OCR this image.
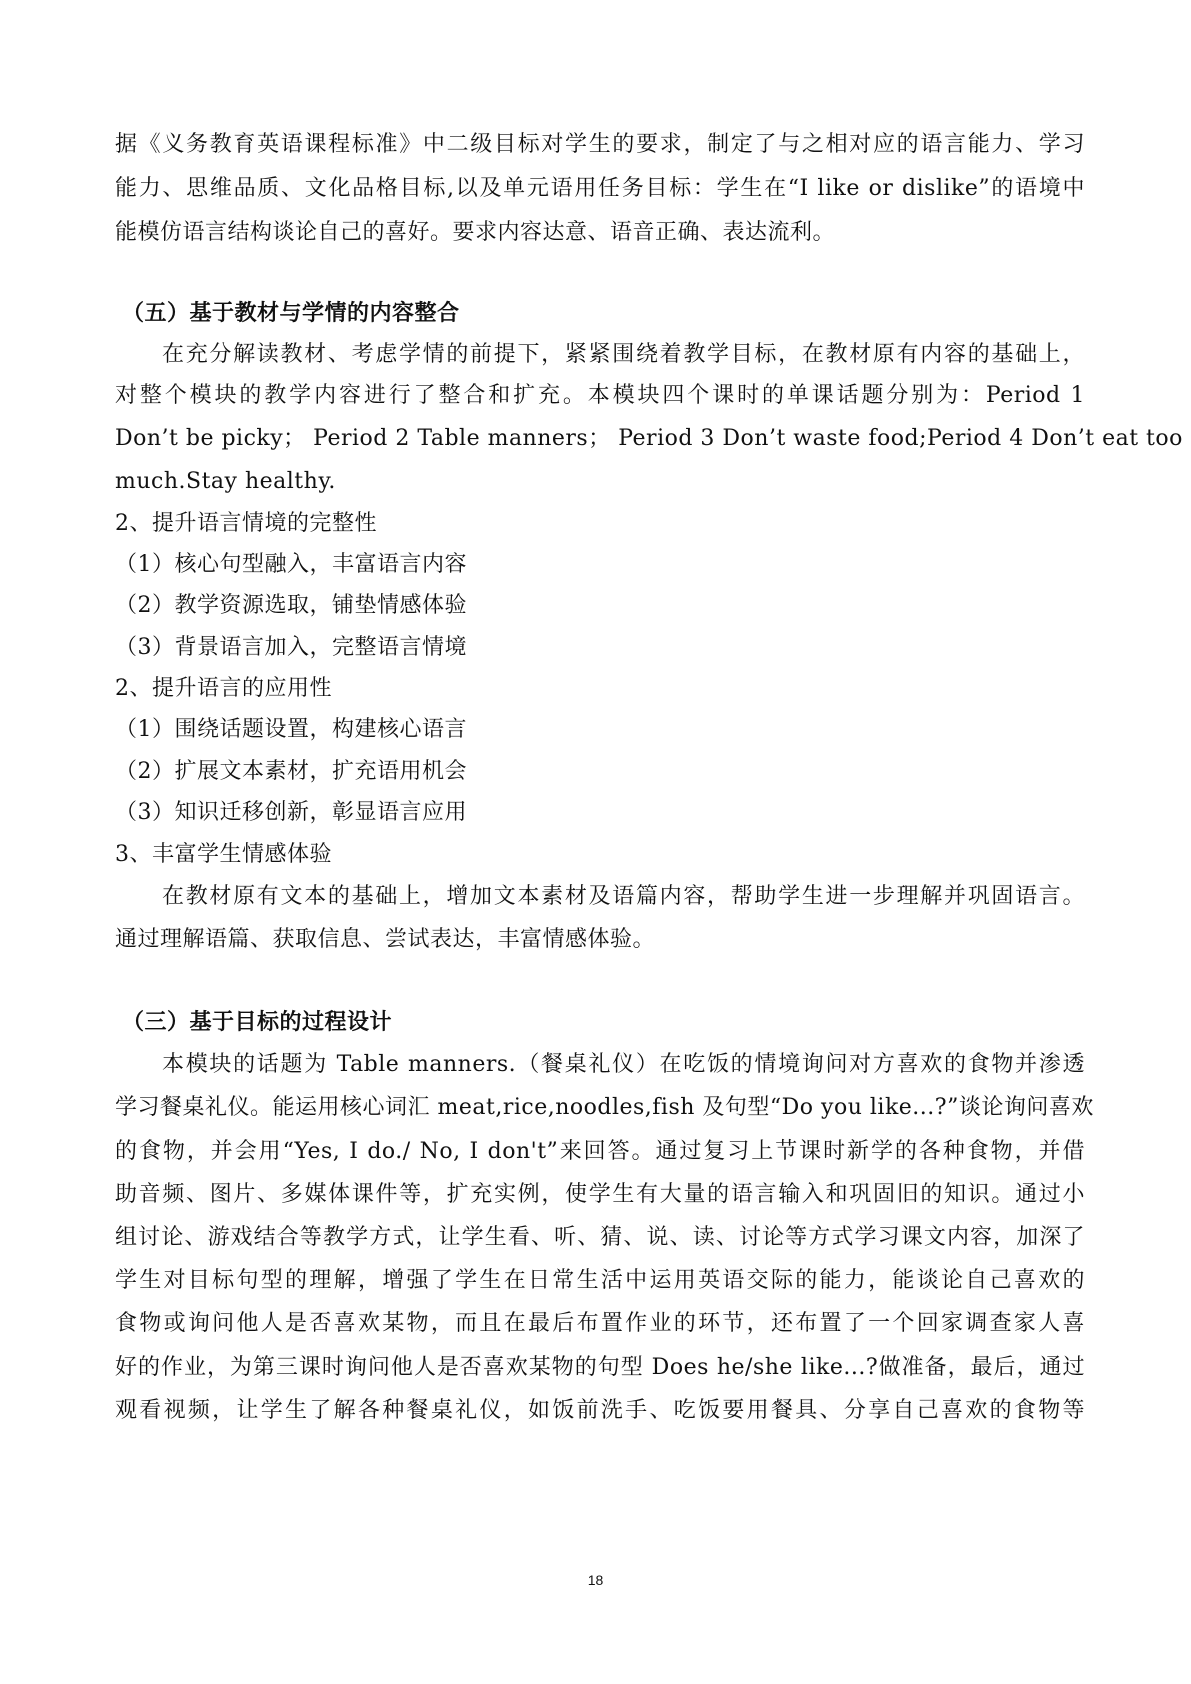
据《义务教育英语课程标准》中二级目标对学生的要求，制定了与之相对应的语言能力、学习
能力、思维品质、文化品格目标,以及单元语用任务目标：学生在“I like or dislike”的语境中
能模仿语言结构谈论自己的喜好。要求内容达意、语音正确、表达流利。
（五）基于教材与学情的内容整合
在充分解读教材、考虑学情的前提下，紧紧围绕着教学目标，在教材原有内容的基础上，
对整个模块的教学内容进行了整合和扩充。本模块四个课时的单课话题分别为：Period 1
Don’t be picky； Period 2 Table manners； Period 3 Don’t waste food;Period 4 Don’t eat too
much.Stay healthy.
2、提升语言情境的完整性
（1）核心句型融入，丰富语言内容
（2）教学资源选取，铺垫情感体验
（3）背景语言加入，完整语言情境
2、提升语言的应用性
（1）围绕话题设置，构建核心语言
（2）扩展文本素材，扩充语用机会
（3）知识迁移创新，彰显语言应用
3、丰富学生情感体验
在教材原有文本的基础上，增加文本素材及语篇内容，帮助学生进一步理解并巩固语言。
通过理解语篇、获取信息、尝试表达，丰富情感体验。
（三）基于目标的过程设计
本模块的话题为 Table manners.（餐桌礼仪）在吃饭的情境询问对方喜欢的食物并渗透
学习餐桌礼仪。能运用核心词汇 meat,rice,noodles,fish 及句型“Do you like...?”谈论询问喜欢
的食物，并会用“Yes, I do./ No, I don't”来回答。通过复习上节课时新学的各种食物，并借
助音频、图片、多媒体课件等，扩充实例，使学生有大量的语言输入和巩固旧的知识。通过小
组讨论、游戏结合等教学方式，让学生看、听、猜、说、读、讨论等方式学习课文内容，加深了
学生对目标句型的理解，增强了学生在日常生活中运用英语交际的能力，能谈论自己喜欢的
食物或询问他人是否喜欢某物，而且在最后布置作业的环节，还布置了一个回家调查家人喜
好的作业，为第三课时询问他人是否喜欢某物的句型 Does he/she like...?做准备，最后，通过
观看视频，让学生了解各种餐桌礼仪，如饭前洗手、吃饭要用餐具、分享自己喜欢的食物等
18
